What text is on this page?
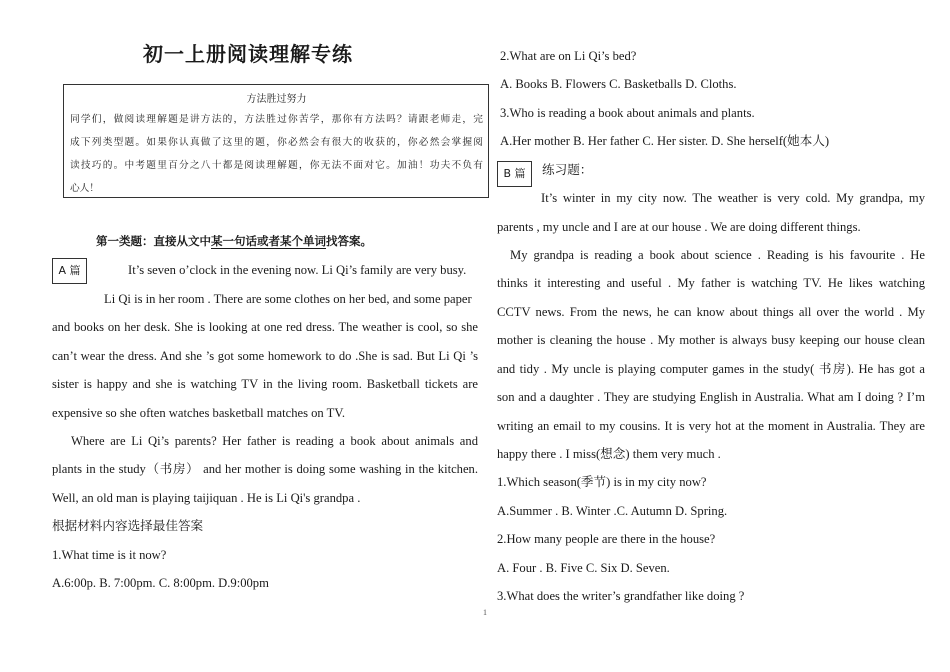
初一上册阅读理解专练
方法胜过努力
同学们，做阅读理解题是讲方法的，方法胜过你苦学，那你有方法吗？请跟老师走，完
成下列类型题。如果你认真做了这里的题，你必然会有很大的收获的，你必然会掌握阅
读技巧的。中考题里百分之八十都是阅读理解题，你无法不面对它。加油！功夫不负有
心人！
第一类题：直接从文中某一句话或者某个单词找答案。
A 篇	It’s seven o’clock in the evening now. Li Qi’s family are very busy.
Li Qi is in her room . There are some clothes on her bed, and some paper
and books on her desk. She is looking at one red dress. The weather is cool, so she
can’t wear the dress. And she ’s got some homework to do .She is sad. But Li Qi ’s
sister is happy and she is watching TV in the living room. Basketball tickets are
expensive so she often watches basketball matches on TV.
Where are Li Qi’s parents? Her father is reading a book about animals and
plants in the study（书房） and her mother is doing some washing in the kitchen.
Well, an old man is playing taijiquan . He is Li Qi's grandpa .
根据材料内容选择最佳答案
1.What time is it now?
A.6:00p. B. 7:00pm. C. 8:00pm. D.9:00pm
2.What are on Li Qi’s bed?
A. Books B. Flowers C. Basketballs D. Cloths.
3.Who is reading a book about animals and plants.
A.Her mother B. Her father C. Her sister. D. She herself(她本人)
B 篇	练习题：
It’s winter in my city now. The weather is very cold. My grandpa, my
parents , my uncle and I are at our house . We are doing different things.
My grandpa is reading a book about science . Reading is his favourite . He
thinks it interesting and useful . My father is watching TV. He likes watching
CCTV news. From the news, he can know about things all over the world . My
mother is cleaning the house . My mother is always busy keeping our house clean
and tidy . My uncle is playing computer games in the study( 书房). He has got a
son and a daughter . They are studying English in Australia. What am I doing ? I’m
writing an email to my cousins. It is very hot at the moment in Australia. They are
happy there . I miss(想念) them very much .
1.Which season(季节) is in my city now?
A.Summer . B. Winter .C. Autumn D. Spring.
2.How many people are there in the house?
A. Four . B. Five C. Six D. Seven.
3.What does the writer’s grandfather like doing ?
1
